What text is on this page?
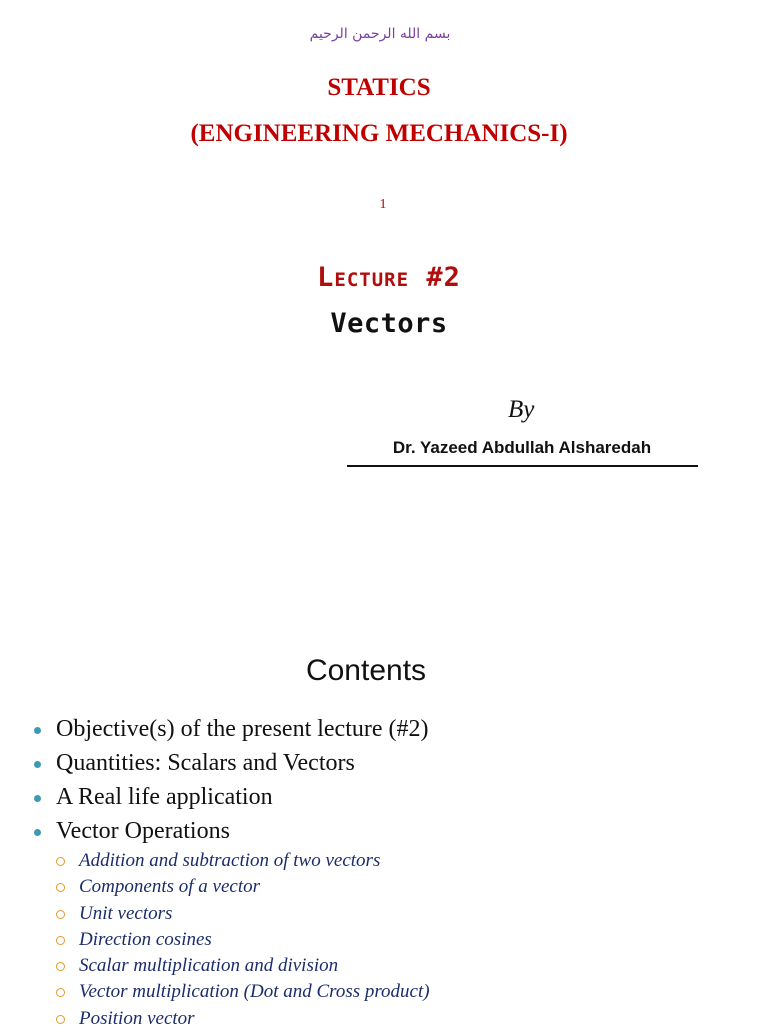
بسم الله الرحمن الرحيم
STATICS
(ENGINEERING MECHANICS-I)
1
Lecture #2
Vectors
By
Dr. Yazeed Abdullah Alsharedah
Contents
Objective(s) of the present lecture (#2)
Quantities: Scalars and Vectors
A Real life application
Vector Operations
Addition and subtraction of two vectors
Components of a vector
Unit vectors
Direction cosines
Scalar multiplication and division
Vector multiplication (Dot and Cross product)
Position vector
